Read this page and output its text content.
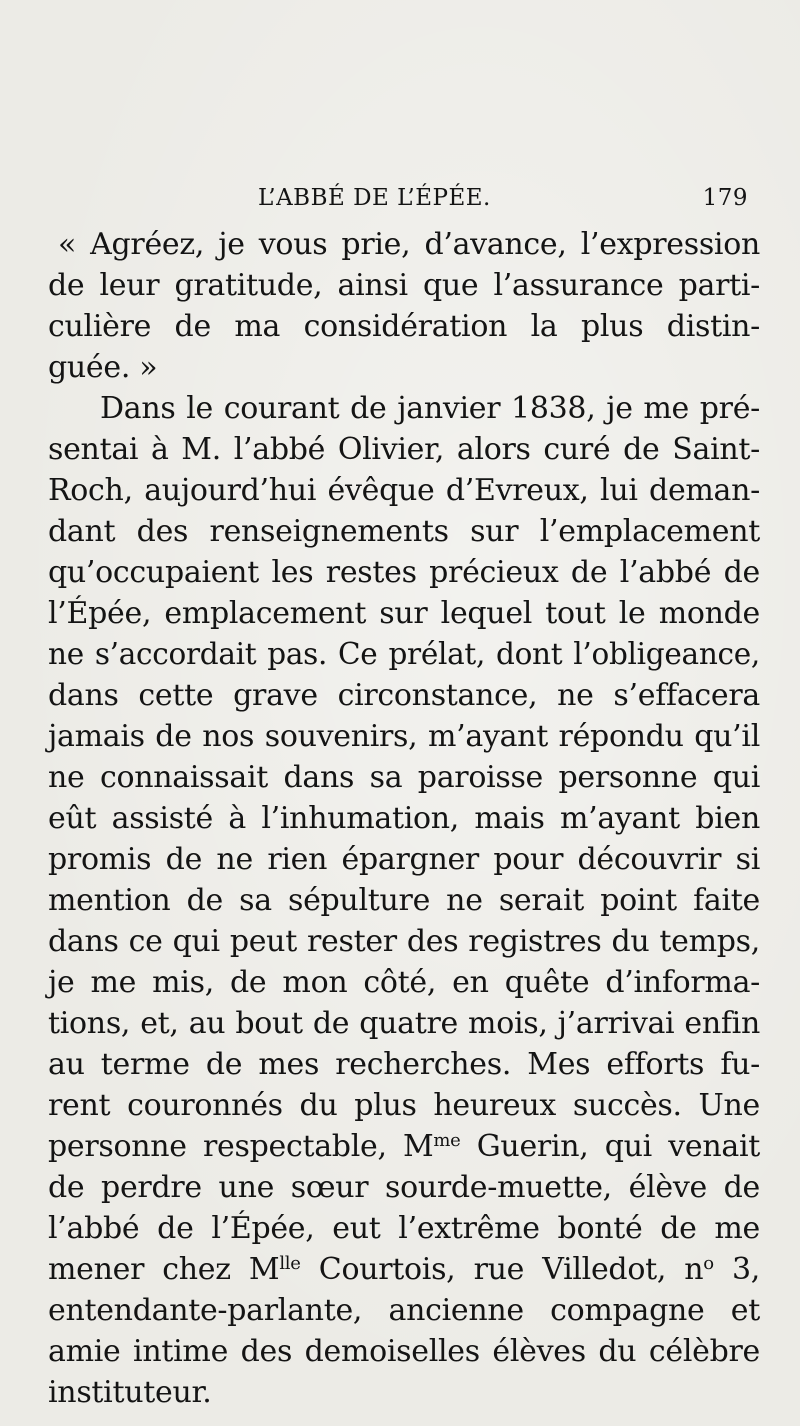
L’ABBÉ DE L’ÉPÉE.	179
« Agréez, je vous prie, d’avance, l’expression
de leur gratitude, ainsi que l’assurance parti-
culière de ma considération la plus distin-
guée. »
Dans le courant de janvier 1838, je me pré-
sentai à M. l’abbé Olivier, alors curé de Saint-
Roch, aujourd’hui évêque d’Evreux, lui deman-
dant des renseignements sur l’emplacement
qu’occupaient les restes précieux de l’abbé de
l’Épée, emplacement sur lequel tout le monde
ne s’accordait pas. Ce prélat, dont l’obligeance,
dans cette grave circonstance, ne s’effacera
jamais de nos souvenirs, m’ayant répondu qu’il
ne connaissait dans sa paroisse personne qui
eût assisté à l’inhumation, mais m’ayant bien
promis de ne rien épargner pour découvrir si
mention de sa sépulture ne serait point faite
dans ce qui peut rester des registres du temps,
je me mis, de mon côté, en quête d’informa-
tions, et, au bout de quatre mois, j’arrivai enfin
au terme de mes recherches. Mes efforts fu-
rent couronnés du plus heureux succès. Une
personne respectable, $M^{me}$ Guerin, qui venait
de perdre une sœur sourde-muette, élève de
l’abbé de l’Épée, eut l’extrême bonté de me
mener chez $M^{lle}$ Courtois, rue Villedot, $n^o$ 3,
entendante-parlante, ancienne compagne et
amie intime des demoiselles élèves du célèbre
instituteur.
